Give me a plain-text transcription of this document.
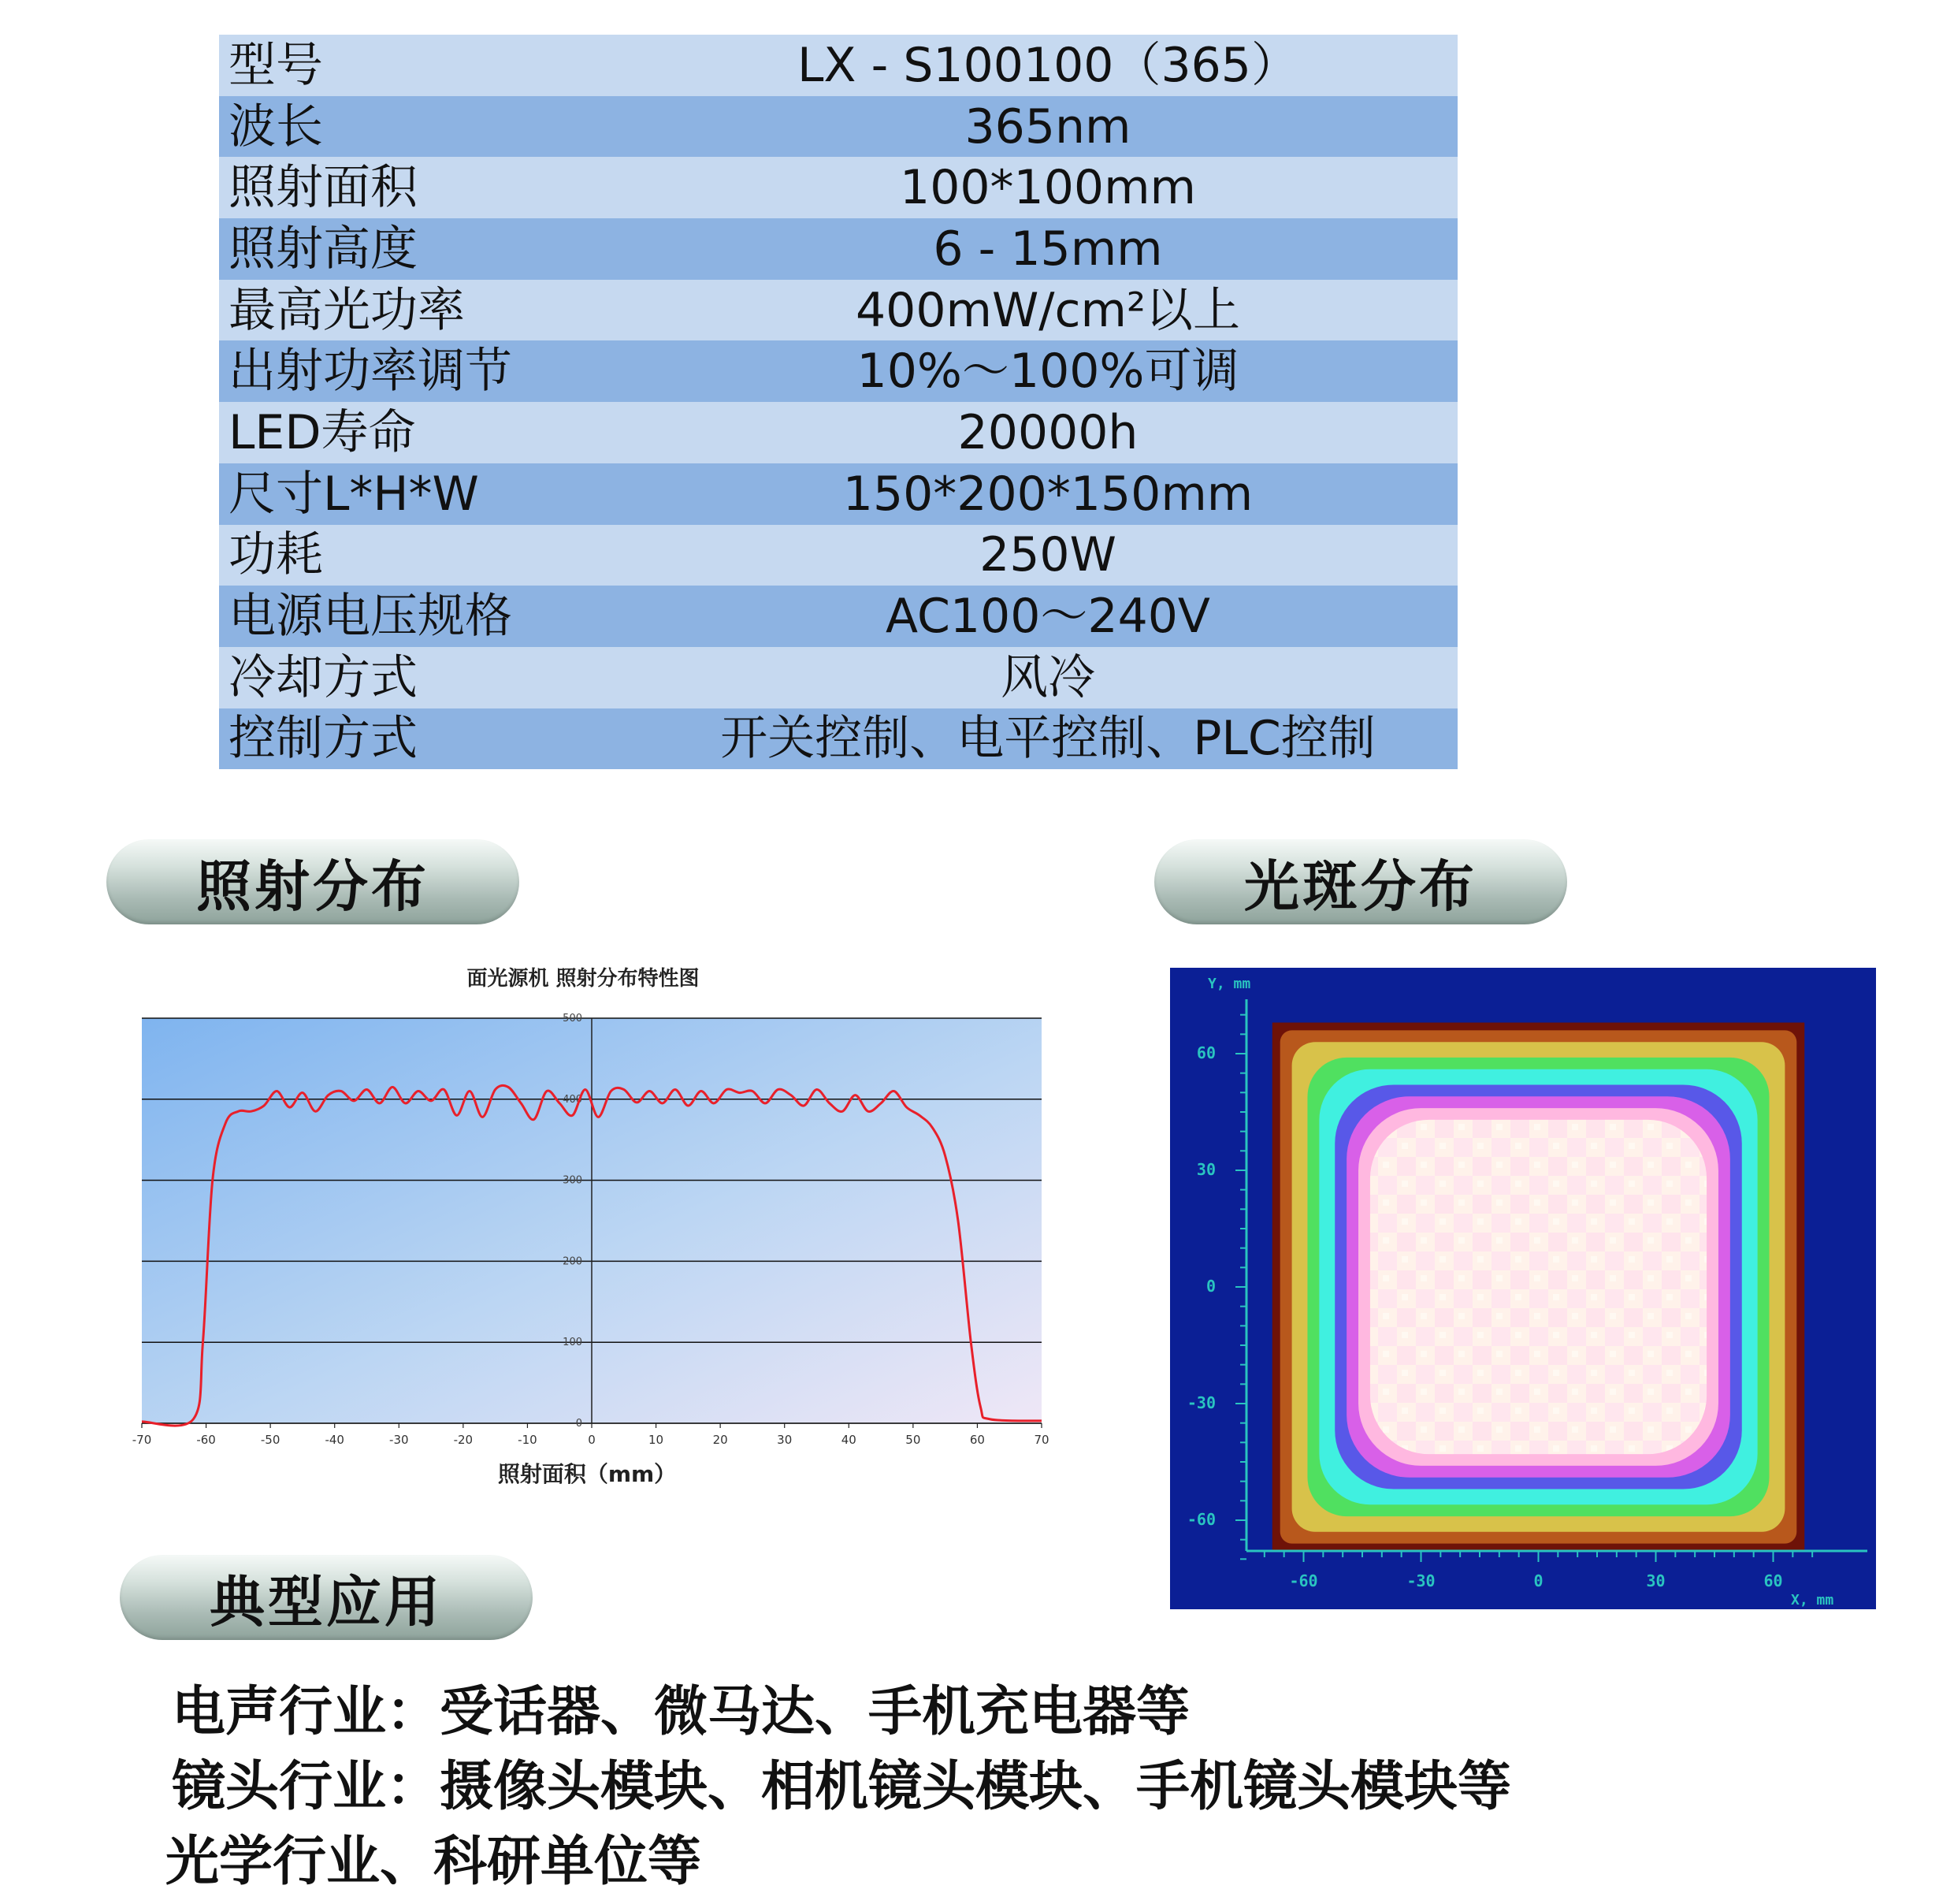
型号	LX - S100100（365）
波长	365nm
照射面积	100*100mm
照射高度	6 - 15mm
最高光功率	400mW/cm²以上
出射功率调节	10%～100%可调
LED寿命	20000h
尺寸L*H*W	150*200*150mm
功耗	250W
电源电压规格	AC100～240V
冷却方式	风冷
控制方式	开关控制、电平控制、PLC控制
照射分布	光斑分布
典型应用
面光源机 照射分布特性图
0
100
200
300
400
500
-70	-60	-50	-40	-30	-20	-10	0	10	20	30	40	50	60	70
照射面积（mm）
60
30
0
-30
-60
-60	-30	0	30	60
Y, mm
X, mm
电声行业：受话器、微马达、手机充电器等
镜头行业：摄像头模块、相机镜头模块、手机镜头模块等
光学行业、科研单位等
